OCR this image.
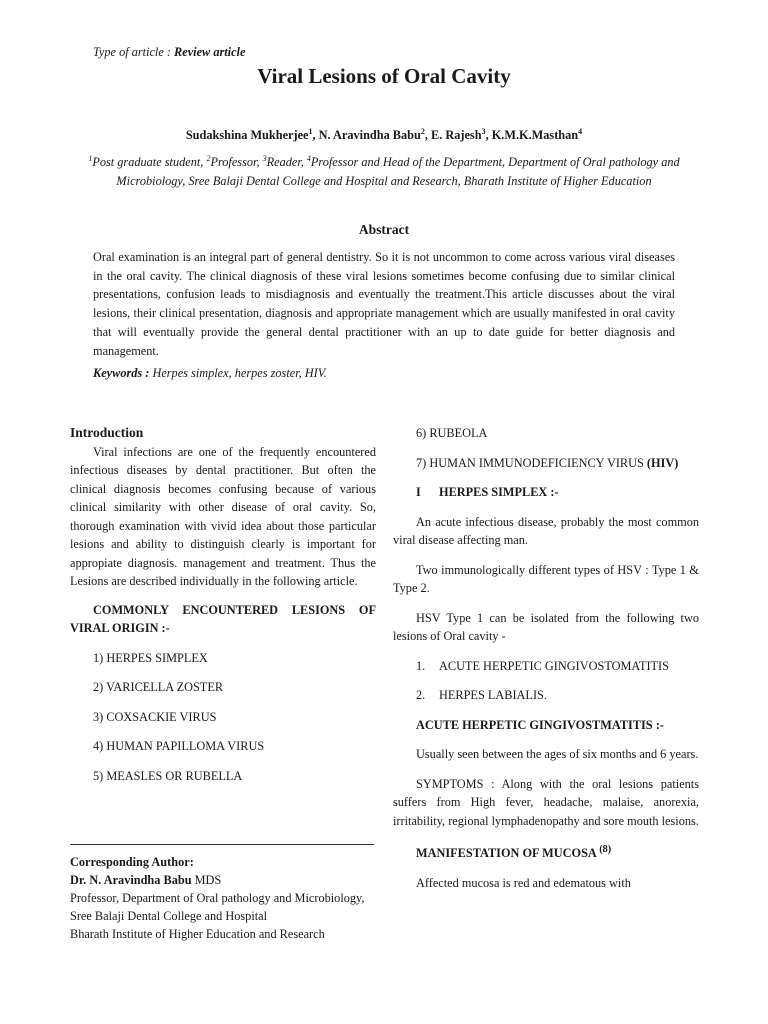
Type of article : Review article
Viral Lesions of Oral Cavity
Sudakshina Mukherjee$^1$, N. Aravindha Babu$^2$, E. Rajesh$^3$, K.M.K.Masthan$^4$
$^1$Post graduate student, $^2$Professor, $^3$Reader, $^4$Professor and Head of the Department, Department of Oral pathology and Microbiology, Sree Balaji Dental College and Hospital and Research, Bharath Institute of Higher Education
Abstract
Oral examination is an integral part of general dentistry. So it is not uncommon to come across various viral diseases in the oral cavity. The clinical diagnosis of these viral lesions sometimes become confusing due to similar clinical presentations, confusion leads to misdiagnosis and eventually the treatment.This article discusses about the viral lesions, their clinical presentation, diagnosis and appropriate management which are usually manifested in oral cavity that will eventually provide the general dental practitioner with an up to date guide for better diagnosis and management.
Keywords : Herpes simplex, herpes zoster, HIV.

Introduction

Viral infections are one of the frequently encountered infectious diseases by dental practitioner. But often the clinical diagnosis becomes confusing because of various clinical similarity with other disease of oral cavity. So, thorough examination with vivid idea about those particular lesions and ability to distinguish clearly is important for appropiate diagnosis. management and treatment. Thus the Lesions are described individually in the following article.

COMMONLY ENCOUNTERED LESIONS OF VIRAL ORIGIN :-

1) HERPES SIMPLEX

2) VARICELLA ZOSTER

3) COXSACKIE VIRUS

4) HUMAN PAPILLOMA VIRUS

5) MEASLES OR RUBELLA

Corresponding Author:

Dr. N. Aravindha Babu MDS

Professor, Department of Oral pathology and Microbiology, Sree Balaji Dental College and Hospital

Bharath Institute of Higher Education and Research

6) RUBEOLA

7) HUMAN IMMUNODEFICIENCY VIRUS (HIV)

I HERPES SIMPLEX :-

An acute infectious disease, probably the most common viral disease affecting man.

Two immunologically different types of HSV : Type 1 & Type 2.

HSV Type 1 can be isolated from the following two lesions of Oral cavity -

1. ACUTE HERPETIC GINGIVOSTOMATITIS

2. HERPES LABIALIS.

ACUTE HERPETIC GINGIVOSTMATITIS :-

Usually seen between the ages of six months and 6 years.

SYMPTOMS : Along with the oral lesions patients suffers from High fever, headache, malaise, anorexia, irritability, regional lymphadenopathy and sore mouth lesions.

MANIFESTATION OF MUCOSA $^{(8)}$

Affected mucosa is red and edematous with
